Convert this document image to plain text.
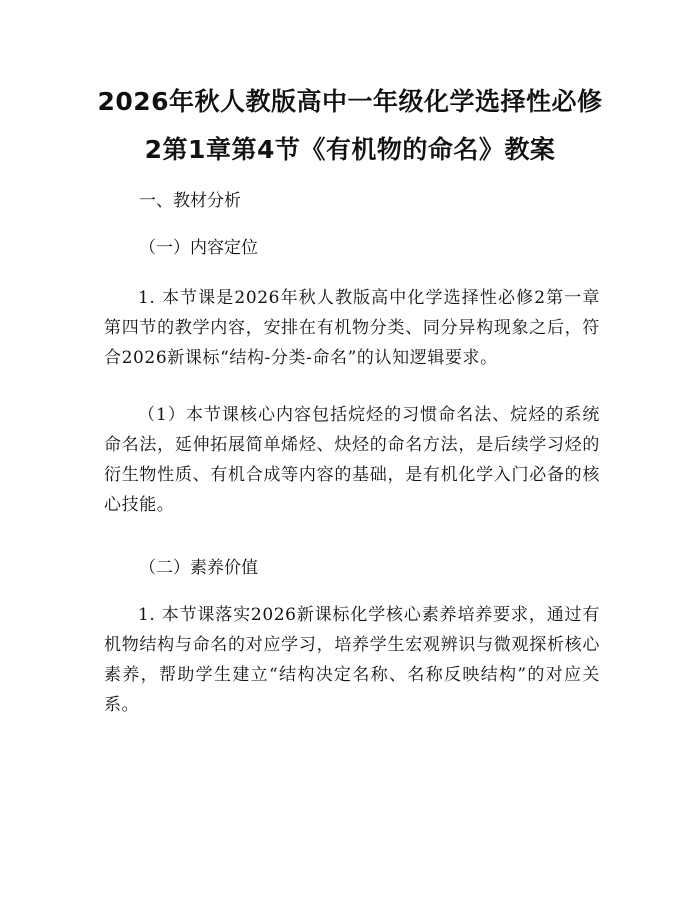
2026年秋人教版高中一年级化学选择性必修
2第1章第4节《有机物的命名》教案

一、教材分析

（一）内容定位

1. 本节课是2026年秋人教版高中化学选择性必修2第一章第四节的教学内容，安排在有机物分类、同分异构现象之后，符合2026新课标“结构-分类-命名”的认知逻辑要求。

（1）本节课核心内容包括烷烃的习惯命名法、烷烃的系统命名法，延伸拓展简单烯烃、炔烃的命名方法，是后续学习烃的衍生物性质、有机合成等内容的基础，是有机化学入门必备的核心技能。

（二）素养价值

1. 本节课落实2026新课标化学核心素养培养要求，通过有机物结构与命名的对应学习，培养学生宏观辨识与微观探析核心素养，帮助学生建立“结构决定名称、名称反映结构”的对应关系。
